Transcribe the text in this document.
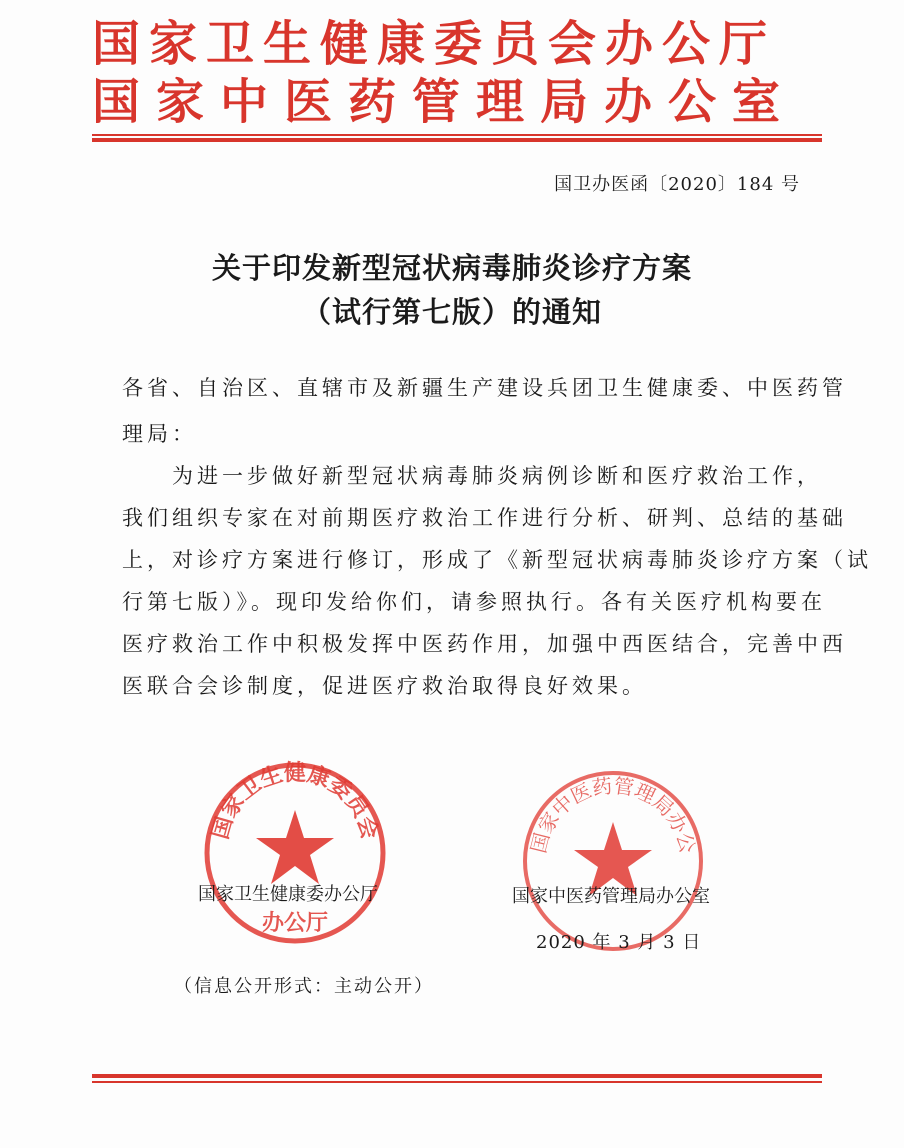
国家卫生健康委员会办公厅
国家中医药管理局办公室
国卫办医函〔2020〕184 号
关于印发新型冠状病毒肺炎诊疗方案
（试行第七版）的通知
各省、自治区、直辖市及新疆生产建设兵团卫生健康委、中医药管
理局：
　　为进一步做好新型冠状病毒肺炎病例诊断和医疗救治工作，
我们组织专家在对前期医疗救治工作进行分析、研判、总结的基础
上，对诊疗方案进行修订，形成了《新型冠状病毒肺炎诊疗方案（试
行第七版）》。现印发给你们，请参照执行。各有关医疗机构要在
医疗救治工作中积极发挥中医药作用，加强中西医结合，完善中西
医联合会诊制度，促进医疗救治取得良好效果。
国家卫生健康委员会
办公厅
国家中医药管理局办公
国家卫生健康委办公厅	国家中医药管理局办公室
2020 年 3 月 3 日
（信息公开形式：主动公开）
